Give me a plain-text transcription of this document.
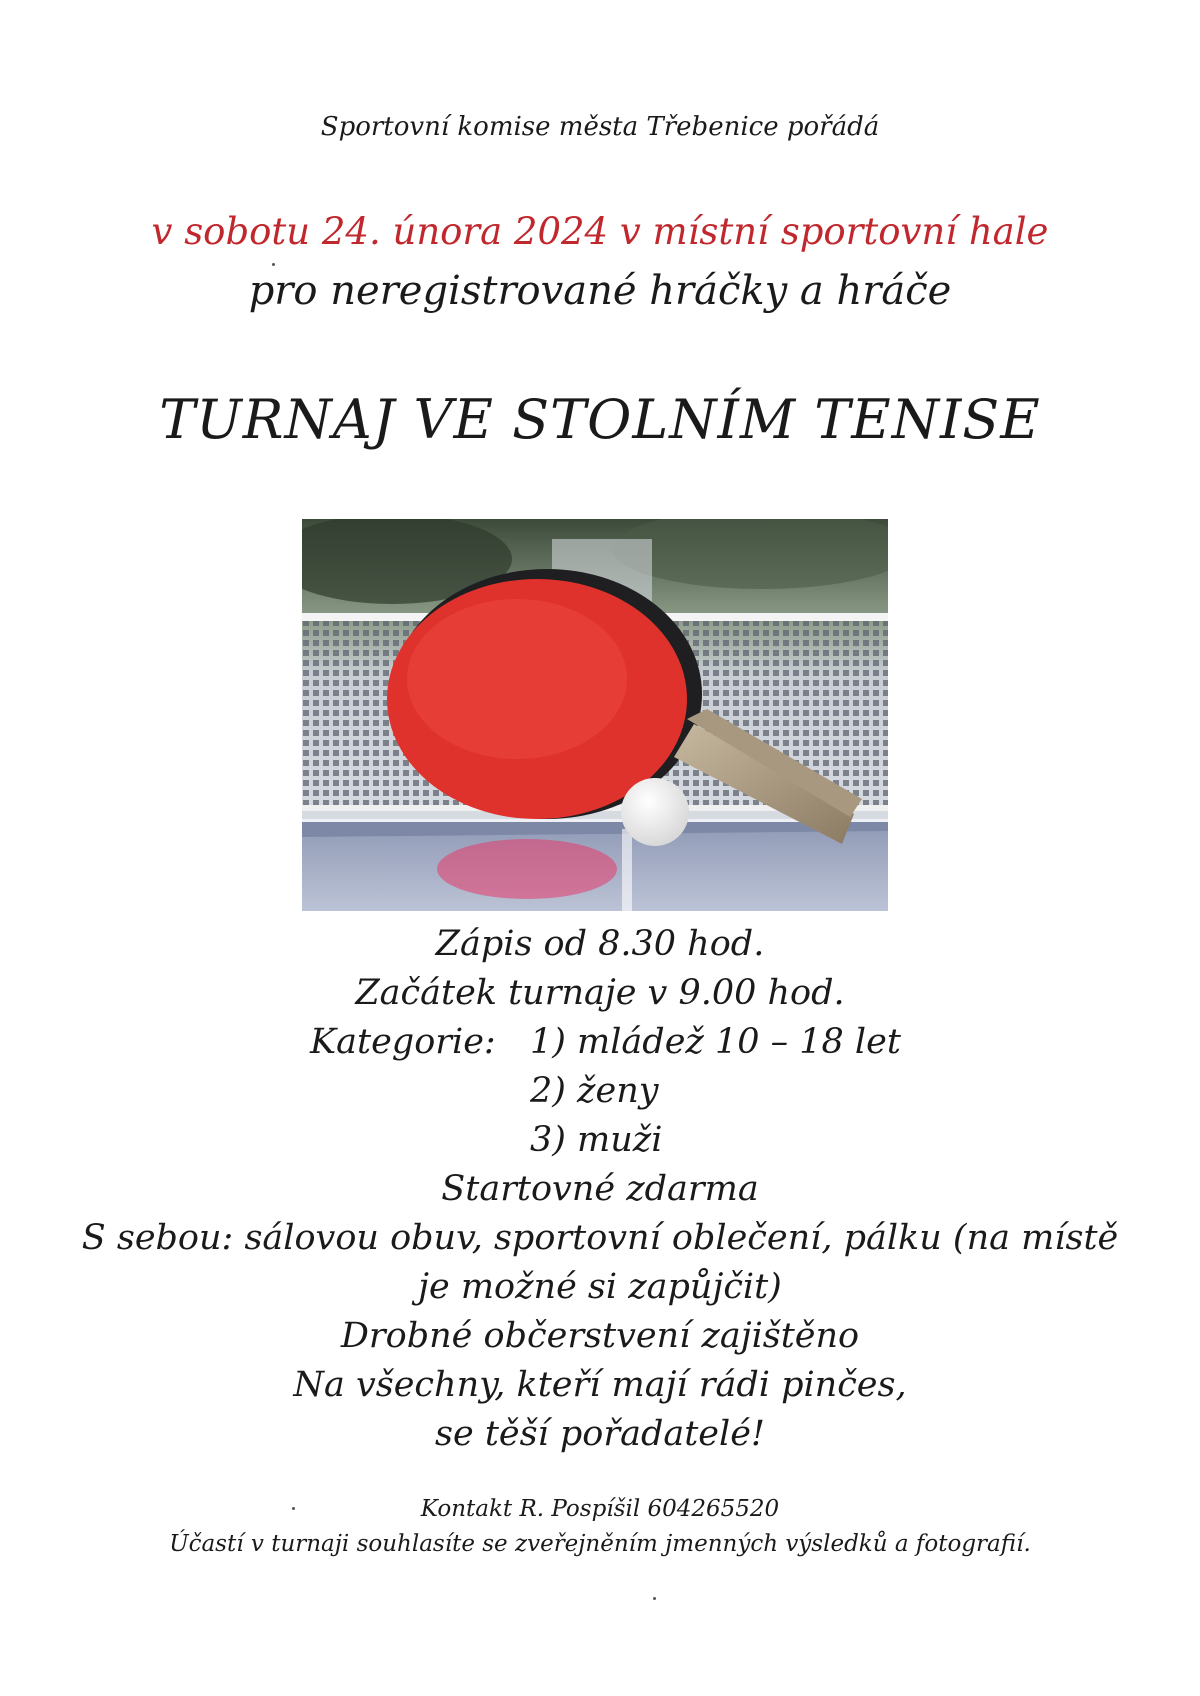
Sportovní komise města Třebenice pořádá
v sobotu 24. února 2024 v místní sportovní hale
pro neregistrované hráčky a hráče
TURNAJ VE STOLNÍM TENISE
Zápis od 8.30 hod.
Začátek turnaje v 9.00 hod.
Kategorie: 1) mládež 10 – 18 let
2) ženy
3) muži
Startovné zdarma
S sebou: sálovou obuv, sportovní oblečení, pálku (na místě
je možné si zapůjčit)
Drobné občerstvení zajištěno
Na všechny, kteří mají rádi pinčes,
se těší pořadatelé!
Kontakt R. Pospíšil 604265520
Účastí v turnaji souhlasíte se zveřejněním jmenných výsledků a fotografií.
